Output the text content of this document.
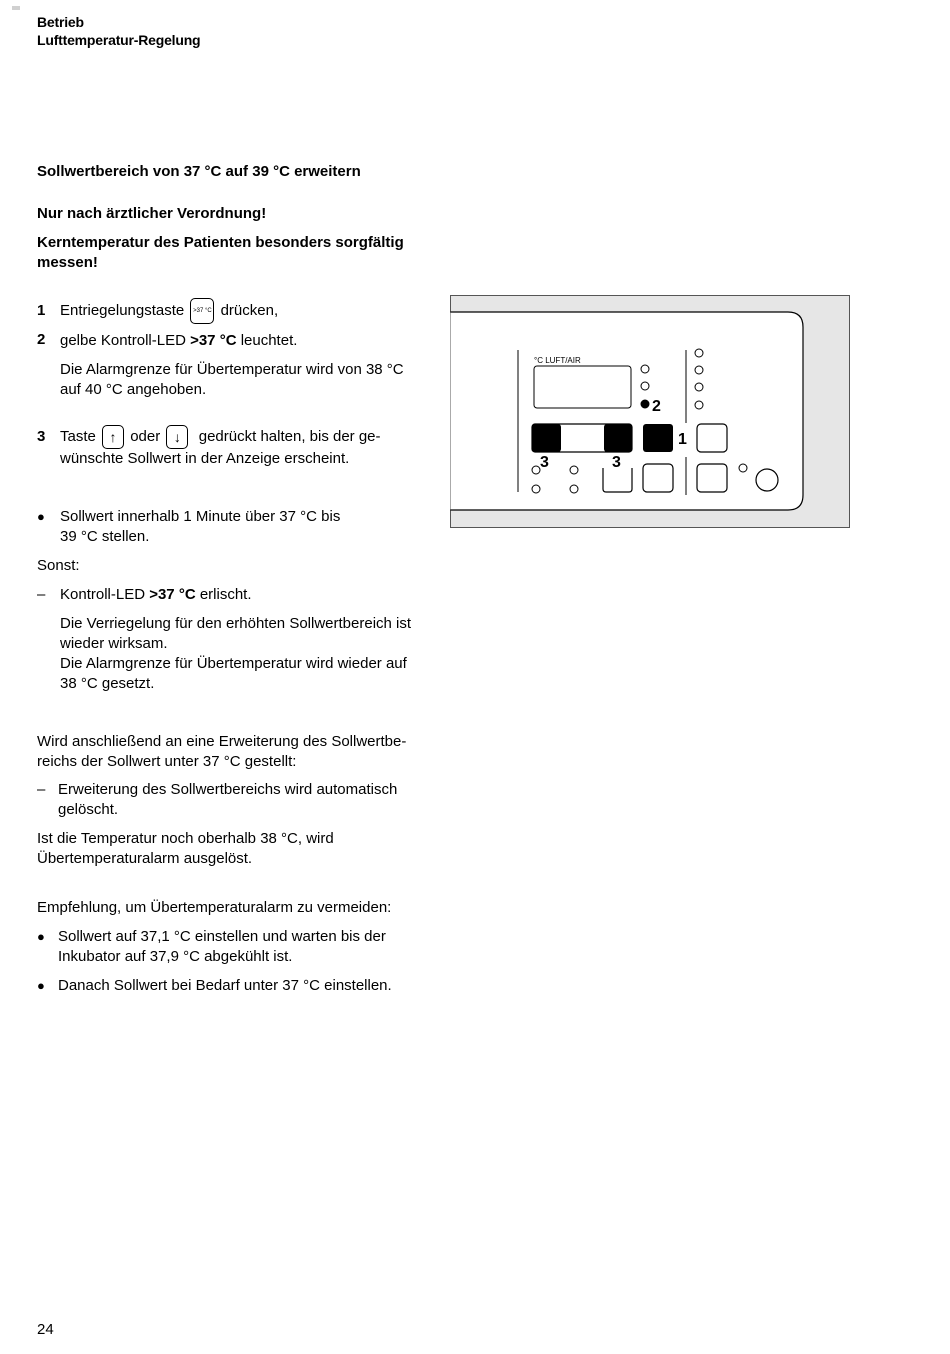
Betrieb
Lufttemperatur-Regelung
Sollwertbereich von 37 °C auf 39 °C erweitern
Nur nach ärztlicher Verordnung!
Kerntemperatur des Patienten besonders sorgfältig
messen!
1 Entriegelungstaste >37 °C drücken,
2 gelbe Kontroll-LED >37 °C leuchtet.
Die Alarmgrenze für Übertemperatur wird von 38 °C
auf 40 °C angehoben.
3 Taste ↑ oder ↓ gedrückt halten, bis der ge-
wünschte Sollwert in der Anzeige erscheint.
● Sollwert innerhalb 1 Minute über 37 °C bis
39 °C stellen.
Sonst:
– Kontroll-LED >37 °C erlischt.
Die Verriegelung für den erhöhten Sollwertbereich ist
wieder wirksam.
Die Alarmgrenze für Übertemperatur wird wieder auf
38 °C gesetzt.
Wird anschließend an eine Erweiterung des Sollwertbe-
reichs der Sollwert unter 37 °C gestellt:
– Erweiterung des Sollwertbereichs wird automatisch
gelöscht.
Ist die Temperatur noch oberhalb 38 °C, wird
Übertemperaturalarm ausgelöst.
Empfehlung, um Übertemperaturalarm zu vermeiden:
● Sollwert auf 37,1 °C einstellen und warten bis der
Inkubator auf 37,9 °C abgekühlt ist.
● Danach Sollwert bei Bedarf unter 37 °C einstellen.
°C LUFT/AIR
2
3	3
1
24
